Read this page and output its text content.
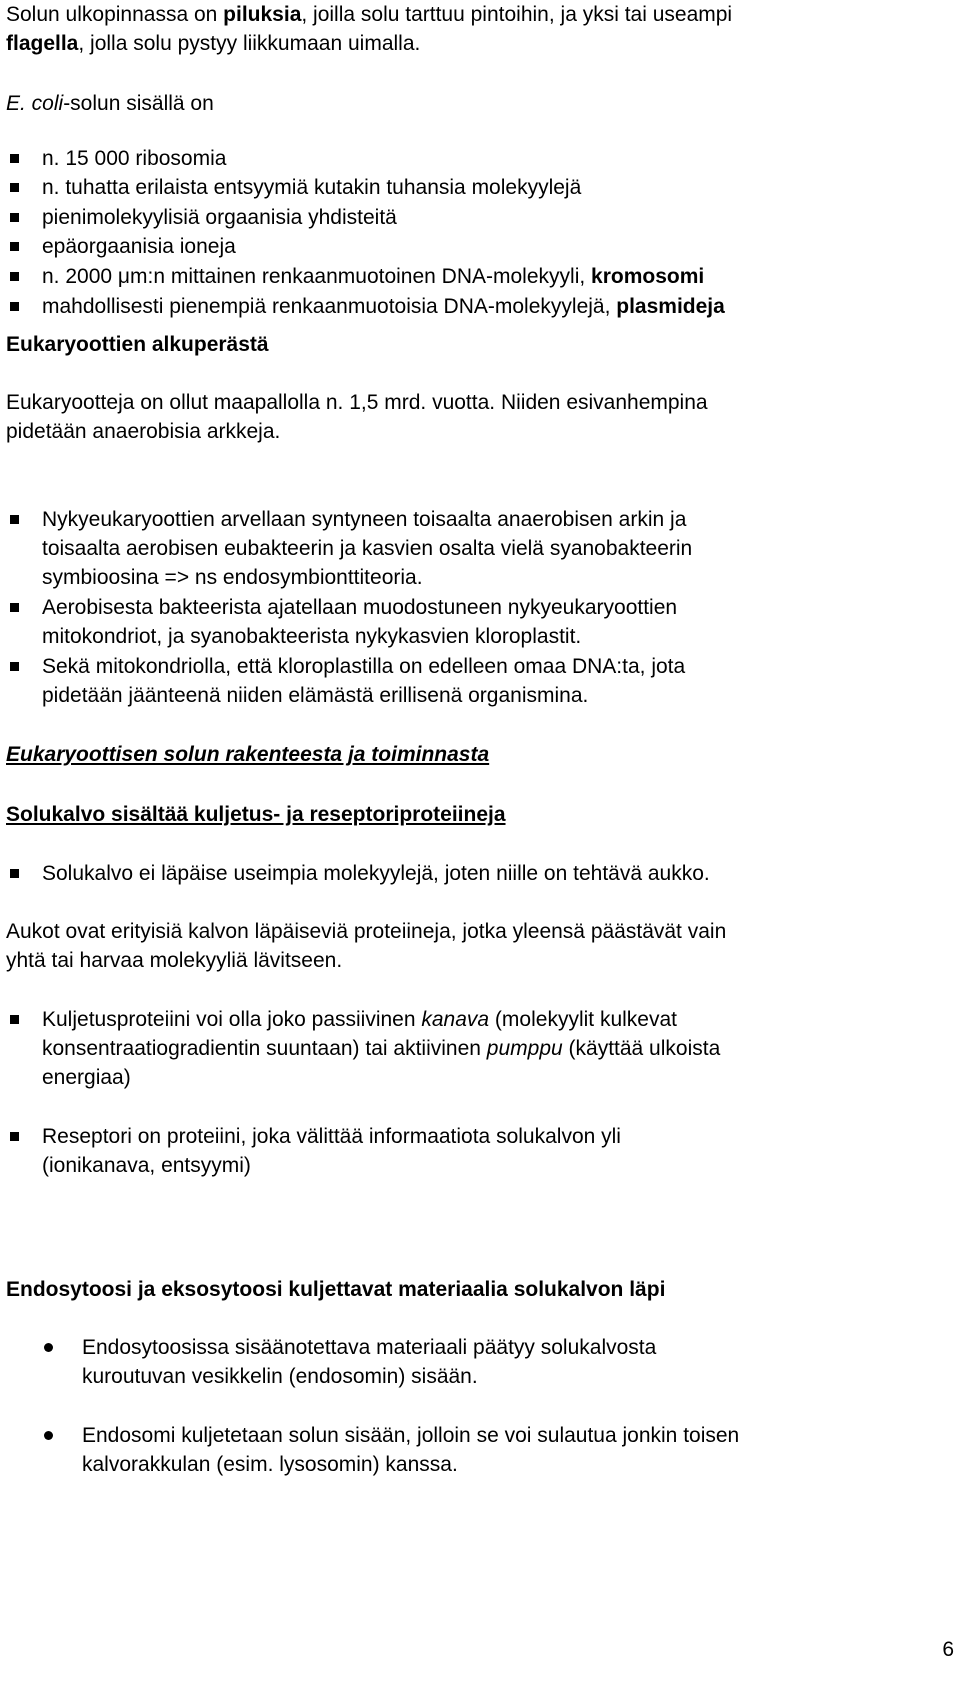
Solun ulkopinnassa on piluksia, joilla solu tarttuu pintoihin, ja yksi tai useampi
flagella, jolla solu pystyy liikkumaan uimalla.
E. coli-solun sisällä on
n. 15 000 ribosomia
n. tuhatta erilaista entsyymiä kutakin tuhansia molekyylejä
pienimolekyylisiä orgaanisia yhdisteitä
epäorgaanisia ioneja
n. 2000 μm:n mittainen renkaanmuotoinen DNA-molekyyli, kromosomi
mahdollisesti pienempiä renkaanmuotoisia DNA-molekyylejä, plasmideja
Eukaryoottien alkuperästä
Eukaryootteja on ollut maapallolla n. 1,5 mrd. vuotta. Niiden esivanhempina
pidetään anaerobisia arkkeja.
Nykyeukaryoottien arvellaan syntyneen toisaalta anaerobisen arkin ja
toisaalta aerobisen eubakteerin ja kasvien osalta vielä syanobakteerin
symbioosina => ns endosymbionttiteoria.
Aerobisesta bakteerista ajatellaan muodostuneen nykyeukaryoottien
mitokondriot, ja syanobakteerista nykykasvien kloroplastit.
Sekä mitokondriolla, että kloroplastilla on edelleen omaa DNA:ta, jota
pidetään jäänteenä niiden elämästä erillisenä organismina.
Eukaryoottisen solun rakenteesta ja toiminnasta
Solukalvo sisältää kuljetus- ja reseptoriproteiineja
Solukalvo ei läpäise useimpia molekyylejä, joten niille on tehtävä aukko.
Aukot ovat erityisiä kalvon läpäiseviä proteiineja, jotka yleensä päästävät vain
yhtä tai harvaa molekyyliä lävitseen.
Kuljetusproteiini voi olla joko passiivinen kanava (molekyylit kulkevat
konsentraatiogradientin suuntaan) tai aktiivinen pumppu (käyttää ulkoista
energiaa)
Reseptori on proteiini, joka välittää informaatiota solukalvon yli
(ionikanava, entsyymi)
Endosytoosi ja eksosytoosi kuljettavat materiaalia solukalvon läpi
Endosytoosissa sisäänotettava materiaali päätyy solukalvosta
kuroutuvan vesikkelin (endosomin) sisään.
Endosomi kuljetetaan solun sisään, jolloin se voi sulautua jonkin toisen
kalvorakkulan (esim. lysosomin) kanssa.
6
